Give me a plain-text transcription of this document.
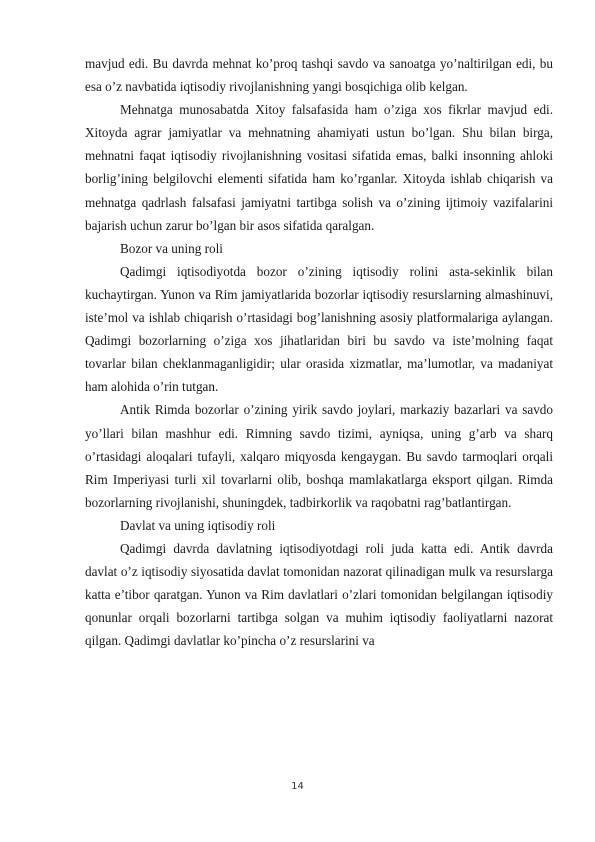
mavjud edi. Bu davrda mehnat ko’proq tashqi savdo va sanoatga yo’naltirilgan edi, bu esa o’z navbatida iqtisodiy rivojlanishning yangi bosqichiga olib kelgan.

Mehnatga munosabatda Xitoy falsafasida ham o’ziga xos fikrlar mavjud edi. Xitoyda agrar jamiyatlar va mehnatning ahamiyati ustun bo’lgan. Shu bilan birga, mehnatni faqat iqtisodiy rivojlanishning vositasi sifatida emas, balki insonning ahloki borlig’ining belgilovchi elementi sifatida ham ko’rganlar. Xitoyda ishlab chiqarish va mehnatga qadrlash falsafasi jamiyatni tartibga solish va o’zining ijtimoiy vazifalarini bajarish uchun zarur bo’lgan bir asos sifatida qaralgan.

Bozor va uning roli

Qadimgi iqtisodiyotda bozor o’zining iqtisodiy rolini asta-sekinlik bilan kuchaytirgan. Yunon va Rim jamiyatlarida bozorlar iqtisodiy resurslarning almashinuvi, iste’mol va ishlab chiqarish o’rtasidagi bog’lanishning asosiy platformalariga aylangan. Qadimgi bozorlarning o’ziga xos jihatlaridan biri bu savdo va iste’molning faqat tovarlar bilan cheklanmaganligidir; ular orasida xizmatlar, ma’lumotlar, va madaniyat ham alohida o’rin tutgan.

Antik Rimda bozorlar o’zining yirik savdo joylari, markaziy bazarlari va savdo yo’llari bilan mashhur edi. Rimning savdo tizimi, ayniqsa, uning g’arb va sharq o’rtasidagi aloqalari tufayli, xalqaro miqyosda kengaygan. Bu savdo tarmoqlari orqali Rim Imperiyasi turli xil tovarlarni olib, boshqa mamlakatlarga eksport qilgan. Rimda bozorlarning rivojlanishi, shuningdek, tadbirkorlik va raqobatni rag’batlantirgan.

Davlat va uning iqtisodiy roli

Qadimgi davrda davlatning iqtisodiyotdagi roli juda katta edi. Antik davrda davlat o’z iqtisodiy siyosatida davlat tomonidan nazorat qilinadigan mulk va resurslarga katta e’tibor qaratgan. Yunon va Rim davlatlari o’zlari tomonidan belgilangan iqtisodiy qonunlar orqali bozorlarni tartibga solgan va muhim iqtisodiy faoliyatlarni nazorat qilgan. Qadimgi davlatlar ko’pincha o’z resurslarini va

14
